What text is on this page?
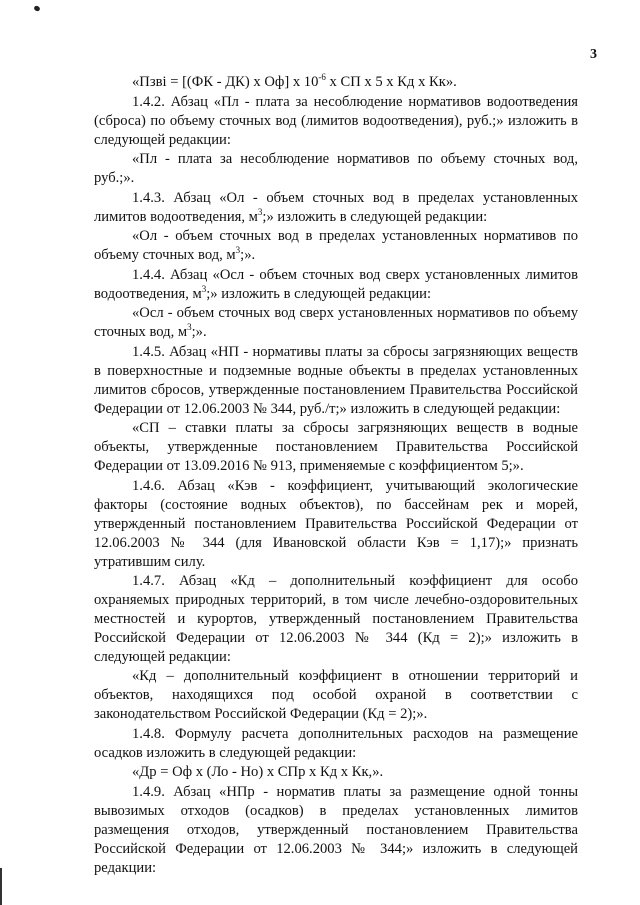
3

«Пзві = [(ФК - ДК) х Оф] х $10^{-6}$ х СП х 5 х Кд х Кк».

1.4.2. Абзац «Пл - плата за несоблюдение нормативов водоотведения (сброса) по объему сточных вод (лимитов водоотведения), руб.;» изложить в следующей редакции:

«Пл - плата за несоблюдение нормативов по объему сточных вод, руб.;».

1.4.3. Абзац «Ол - объем сточных вод в пределах установленных лимитов водоотведения, $м^3$;» изложить в следующей редакции:

«Ол - объем сточных вод в пределах установленных нормативов по объему сточных вод, $м^3$;».

1.4.4. Абзац «Осл - объем сточных вод сверх установленных лимитов водоотведения, $м^3$;» изложить в следующей редакции:

«Осл - объем сточных вод сверх установленных нормативов по объему сточных вод, $м^3$;».

1.4.5. Абзац «НП - нормативы платы за сбросы загрязняющих веществ в поверхностные и подземные водные объекты в пределах установленных лимитов сбросов, утвержденные постановлением Правительства Российской Федерации от 12.06.2003 № 344, руб./т;» изложить в следующей редакции:

«СП – ставки платы за сбросы загрязняющих веществ в водные объекты, утвержденные постановлением Правительства Российской Федерации от 13.09.2016 № 913, применяемые с коэффициентом 5;».

1.4.6. Абзац «Кэв - коэффициент, учитывающий экологические факторы (состояние водных объектов), по бассейнам рек и морей, утвержденный постановлением Правительства Российской Федерации от 12.06.2003 № 344 (для Ивановской области Кэв = 1,17);» признать утратившим силу.

1.4.7. Абзац «Кд – дополнительный коэффициент для особо охраняемых природных территорий, в том числе лечебно-оздоровительных местностей и курортов, утвержденный постановлением Правительства Российской Федерации от 12.06.2003 № 344 (Кд = 2);» изложить в следующей редакции:

«Кд – дополнительный коэффициент в отношении территорий и объектов, находящихся под особой охраной в соответствии с законодательством Российской Федерации (Кд = 2);».

1.4.8. Формулу расчета дополнительных расходов на размещение осадков изложить в следующей редакции:

«Др = Оф х (Ло - Но) х СПр х Кд х Кк,».

1.4.9. Абзац «НПр - норматив платы за размещение одной тонны вывозимых отходов (осадков) в пределах установленных лимитов размещения отходов, утвержденный постановлением Правительства Российской Федерации от 12.06.2003 № 344;» изложить в следующей редакции:
